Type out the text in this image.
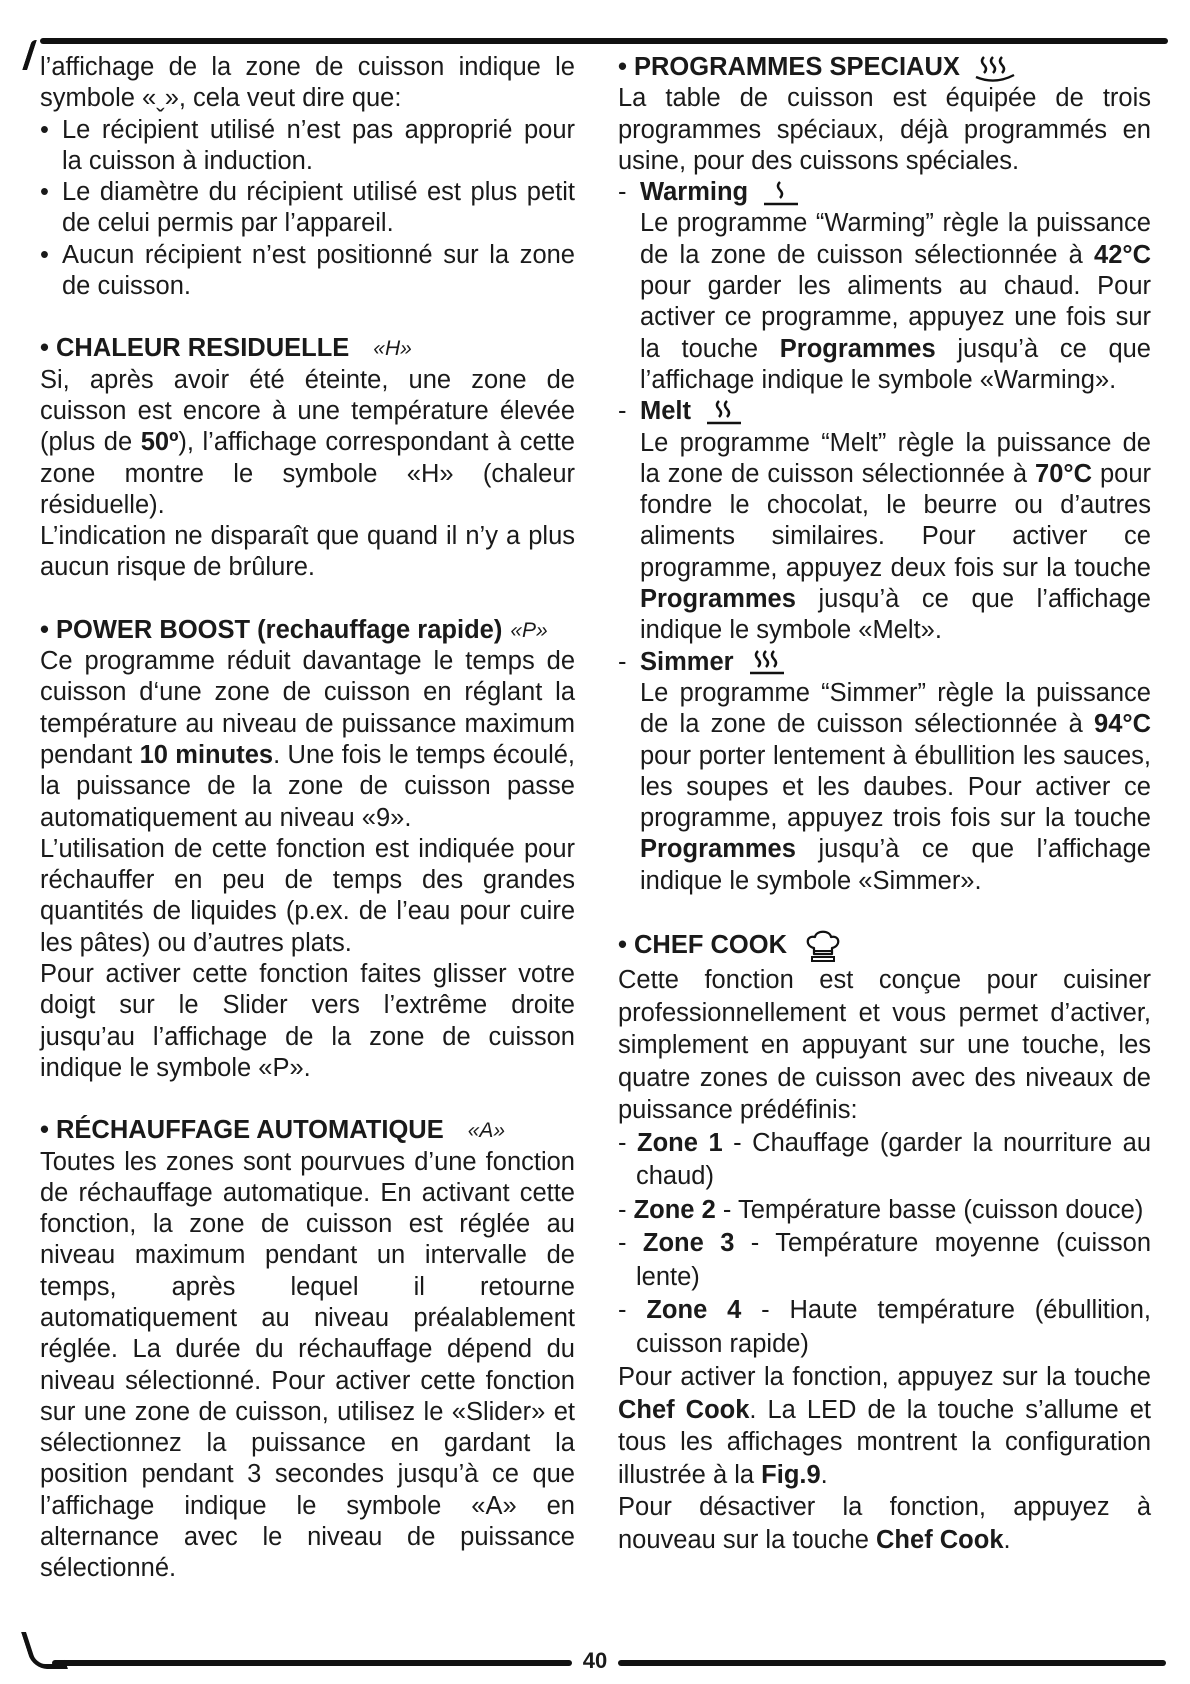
l’affichage de la zone de cuisson indique le symbole «ˬ», cela veut dire que:

• Le récipient utilisé n’est pas approprié pour la cuisson à induction.
• Le diamètre du récipient utilisé est plus petit de celui permis par l’appareil.
• Aucun récipient n’est positionné sur la zone de cuisson.
• CHALEUR RESIDUELLE «H»

Si, après avoir été éteinte, une zone de cuisson est encore à une température élevée (plus de 50º), l’affichage correspondant à cette zone montre le symbole «H» (chaleur résiduelle).

L’indication ne disparaît que quand il n’y a plus aucun risque de brûlure.

• POWER BOOST (rechauffage rapide) «P»

Ce programme réduit davantage le temps de cuisson d‘une zone de cuisson en réglant la température au niveau de puissance maximum pendant 10 minutes. Une fois le temps écoulé, la puissance de la zone de cuisson passe automatiquement au niveau «9».

L’utilisation de cette fonction est indiquée pour réchauffer en peu de temps des grandes quantités de liquides (p.ex. de l’eau pour cuire les pâtes) ou d’autres plats.

Pour activer cette fonction faites glisser votre doigt sur le Slider vers l’extrême droite jusqu’au l’affichage de la zone de cuisson indique le symbole «P».

• RÉCHAUFFAGE AUTOMATIQUE «A»

Toutes les zones sont pourvues d’une fonction de réchauffage automatique. En activant cette fonction, la zone de cuisson est réglée au niveau maximum pendant un intervalle de temps, après lequel il retourne automatiquement au niveau préalablement réglée. La durée du réchauffage dépend du niveau sélectionné. Pour activer cette fonction sur une zone de cuisson, utilisez le «Slider» et sélectionnez la puissance en gardant la position pendant 3 secondes jusqu’à ce que l’affichage indique le symbole «A» en alternance avec le niveau de puissance sélectionné.

• PROGRAMMES SPECIAUX

La table de cuisson est équipée de trois programmes spéciaux, déjà programmés en usine, pour des cuissons spéciales.

- Warming

Le programme “Warming” règle la puissance de la zone de cuisson sélectionnée à 42°C pour garder les aliments au chaud. Pour activer ce programme, appuyez une fois sur la touche Programmes jusqu’à ce que l’affichage indique le symbole «Warming».

- Melt

Le programme “Melt” règle la puissance de la zone de cuisson sélectionnée à 70°C pour fondre le chocolat, le beurre ou d’autres aliments similaires. Pour activer ce programme, appuyez deux fois sur la touche Programmes jusqu’à ce que l’affichage indique le symbole «Melt».

- Simmer

Le programme “Simmer” règle la puissance de la zone de cuisson sélectionnée à 94°C pour porter lentement à ébullition les sauces, les soupes et les daubes. Pour activer ce programme, appuyez trois fois sur la touche Programmes jusqu’à ce que l’affichage indique le symbole «Simmer».

• CHEF COOK

Cette fonction est conçue pour cuisiner professionnellement et vous permet d’activer, simplement en appuyant sur une touche, les quatre zones de cuisson avec des niveaux de puissance prédéfinis:

- Zone 1 - Chauffage (garder la nourriture au chaud)

- Zone 2 - Température basse (cuisson douce)

- Zone 3 - Température moyenne (cuisson lente)

- Zone 4 - Haute température (ébullition, cuisson rapide)

Pour activer la fonction, appuyez sur la touche Chef Cook. La LED de la touche s’allume et tous les affichages montrent la configuration illustrée à la Fig.9.

Pour désactiver la fonction, appuyez à nouveau sur la touche Chef Cook.

40
